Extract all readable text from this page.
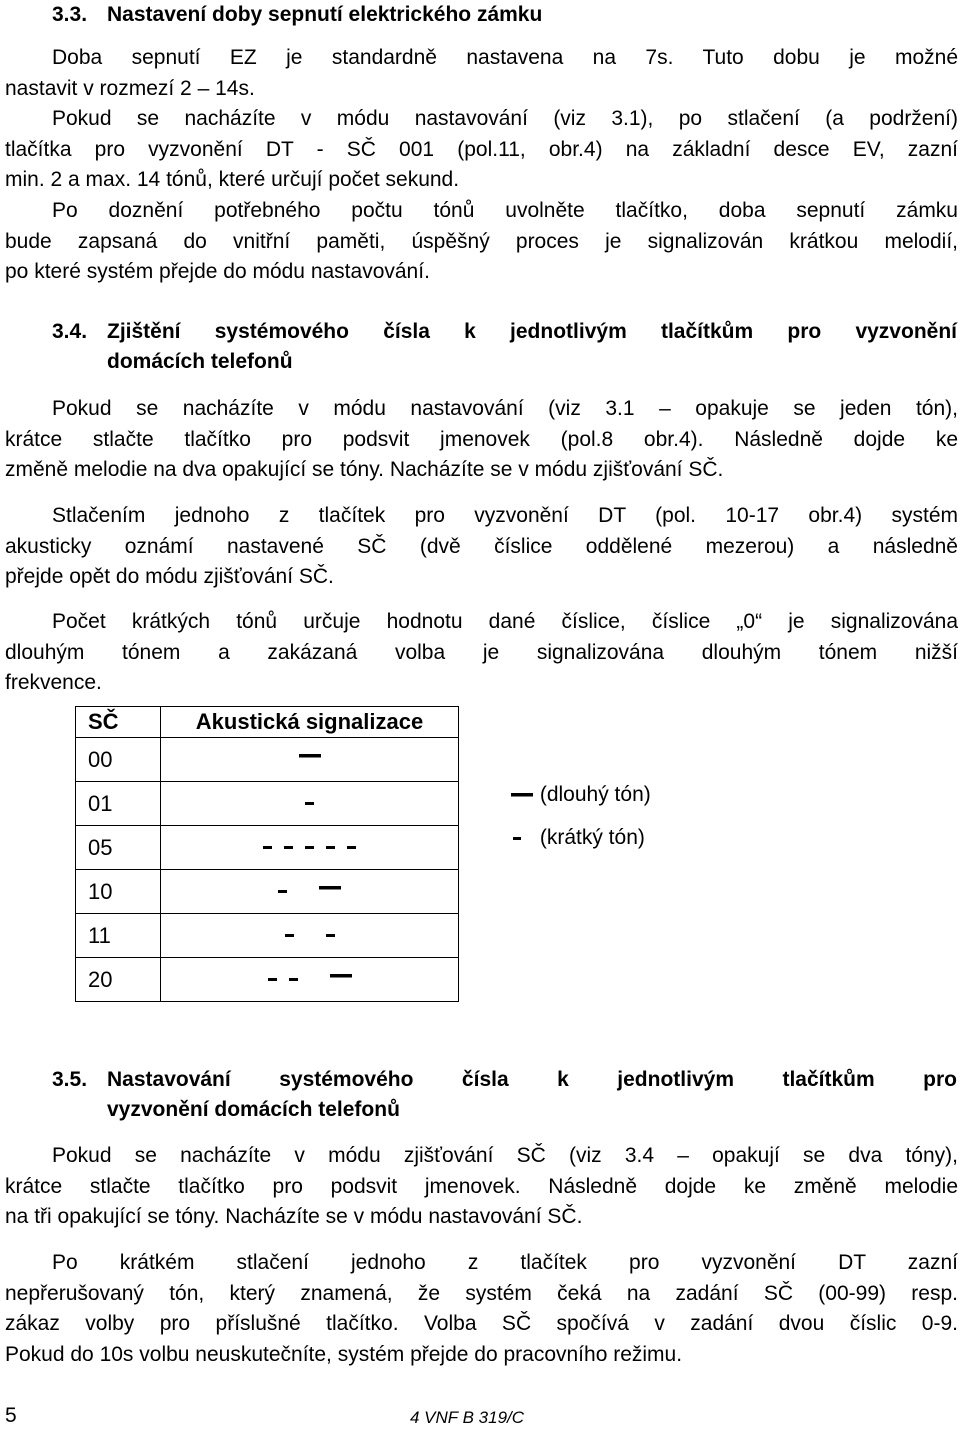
3.3. Nastavení doby sepnutí elektrického zámku
Doba sepnutí EZ je standardně nastavena na 7s. Tuto dobu je možné
nastavit v rozmezí 2 – 14s.
Pokud se nacházíte v módu nastavování (viz 3.1), po stlačení (a podržení)
tlačítka pro vyzvonění DT - SČ 001 (pol.11, obr.4) na základní desce EV, zazní
min. 2 a max. 14 tónů, které určují počet sekund.
Po doznění potřebného počtu tónů uvolněte tlačítko, doba sepnutí zámku
bude zapsaná do vnitřní paměti, úspěšný proces je signalizován krátkou melodií,
po které systém přejde do módu nastavování.
3.4. Zjištění systémového čísla k jednotlivým tlačítkům pro vyzvonění
domácích telefonů
Pokud se nacházíte v módu nastavování (viz 3.1 – opakuje se jeden tón),
krátce stlačte tlačítko pro podsvit jmenovek (pol.8 obr.4). Následně dojde ke
změně melodie na dva opakující se tóny. Nacházíte se v módu zjišťování SČ.
Stlačením jednoho z tlačítek pro vyzvonění DT (pol. 10-17 obr.4) systém
akusticky oznámí nastavené SČ (dvě číslice oddělené mezerou) a následně
přejde opět do módu zjišťování SČ.
Počet krátkých tónů určuje hodnotu dané číslice, číslice „0“ je signalizována
dlouhým tónem a zakázaná volba je signalizována dlouhým tónem nižší
frekvence.
SČ	Akustická signalizace
00	
01	
05	
10	
11	
20	
(dlouhý tón)
(krátký tón)
3.5. Nastavování systémového čísla k jednotlivým tlačítkům pro
vyzvonění domácích telefonů
Pokud se nacházíte v módu zjišťování SČ (viz 3.4 – opakují se dva tóny),
krátce stlačte tlačítko pro podsvit jmenovek. Následně dojde ke změně melodie
na tři opakující se tóny. Nacházíte se v módu nastavování SČ.
Po krátkém stlačení jednoho z tlačítek pro vyzvonění DT zazní
nepřerušovaný tón, který znamená, že systém čeká na zadání SČ (00-99) resp.
zákaz volby pro příslušné tlačítko. Volba SČ spočívá v zadání dvou číslic 0-9.
Pokud do 10s volbu neuskutečníte, systém přejde do pracovního režimu.
5	4 VNF B 319/C
